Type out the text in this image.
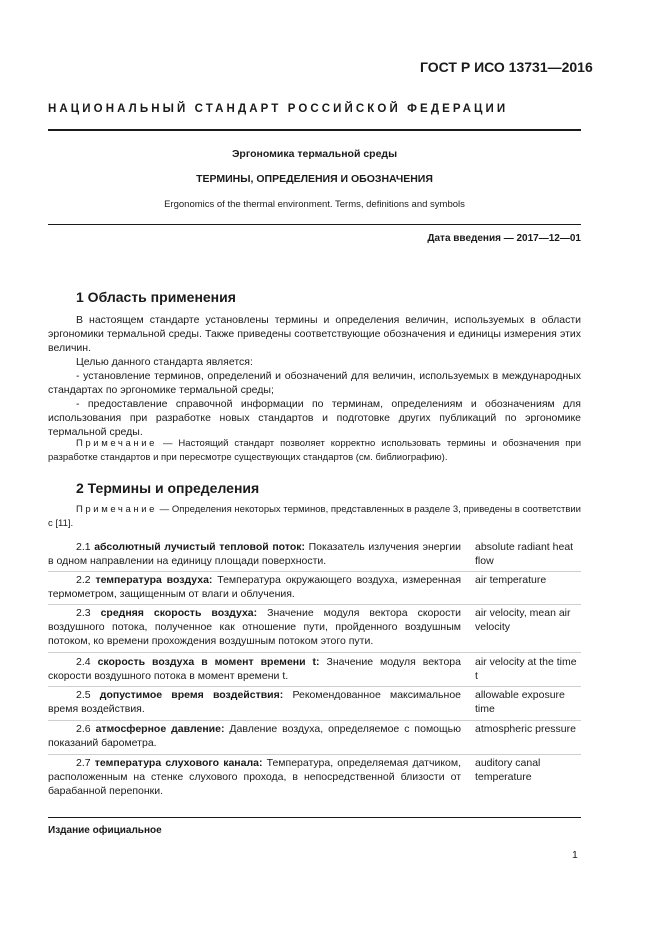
ГОСТ Р ИСО 13731—2016
НАЦИОНАЛЬНЫЙ СТАНДАРТ РОССИЙСКОЙ ФЕДЕРАЦИИ
Эргономика термальной среды
ТЕРМИНЫ, ОПРЕДЕЛЕНИЯ И ОБОЗНАЧЕНИЯ
Ergonomics of the thermal environment. Terms, definitions and symbols
Дата введения — 2017—12—01
1 Область применения

В настоящем стандарте установлены термины и определения величин, используемых в области эргономики термальной среды. Также приведены соответствующие обозначения и единицы измерения этих величин.

Целью данного стандарта является:

- установление терминов, определений и обозначений для величин, используемых в международных стандартах по эргономике термальной среды;

- предоставление справочной информации по терминам, определениям и обозначениям для использования при разработке новых стандартов и подготовке других публикаций по эргономике термальной среды.

Примечание — Настоящий стандарт позволяет корректно использовать термины и обозначения при разработке стандартов и при пересмотре существующих стандартов (см. библиографию).
2 Термины и определения
Примечание — Определения некоторых терминов, представленных в разделе 3, приведены в соответствии с [11].
2.1 абсолютный лучистый тепловой поток: Показатель излучения энергии в одном направлении на единицу площади поверхности.
absolute radiant heat flow
2.2 температура воздуха: Температура окружающего воздуха, измеренная термометром, защищенным от влаги и облучения.
air temperature
2.3 средняя скорость воздуха: Значение модуля вектора скорости воздушного потока, полученное как отношение пути, пройденного воздушным потоком, ко времени прохождения воздушным потоком этого пути.
air velocity, mean air velocity
2.4 скорость воздуха в момент времени t: Значение модуля вектора скорости воздушного потока в момент времени t.
air velocity at the time t
2.5 допустимое время воздействия: Рекомендованное максимальное время воздействия.
allowable exposure time
2.6 атмосферное давление: Давление воздуха, определяемое с помощью показаний барометра.
atmospheric pressure
2.7 температура слухового канала: Температура, определяемая датчиком, расположенным на стенке слухового прохода, в непосредственной близости от барабанной перепонки.
auditory canal temperature
Издание официальное
1
